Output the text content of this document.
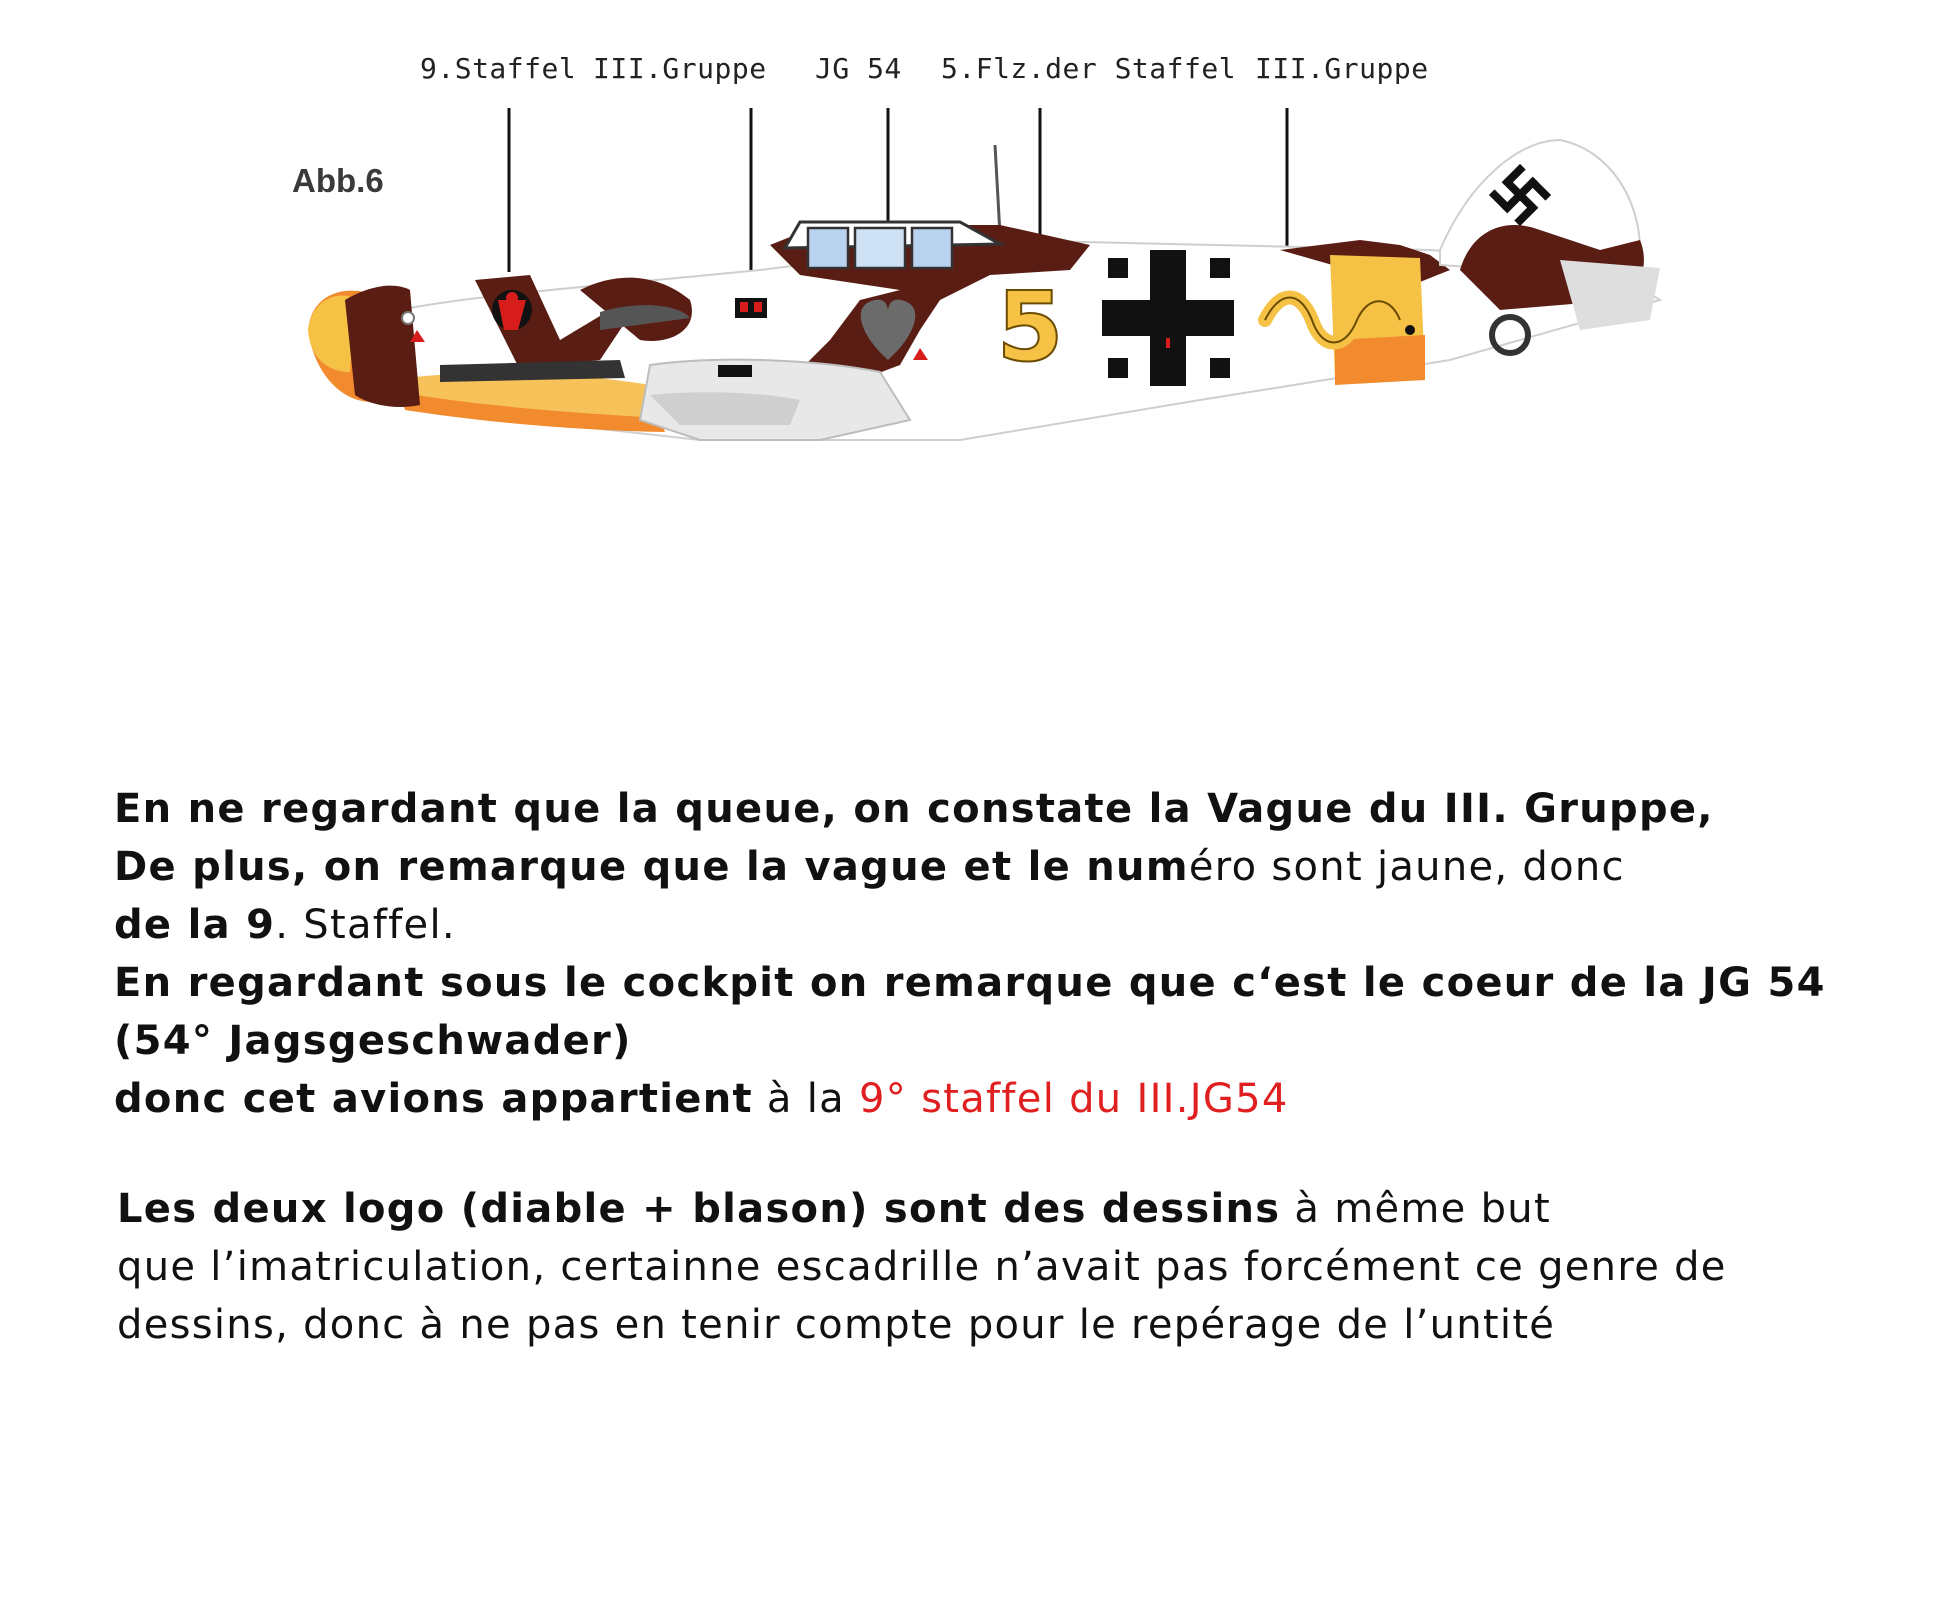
9.Staffel III.Gruppe JG 54 5.Flz.der Staffel III.Gruppe
Abb.6
5
En ne regardant que la queue, on constate la Vague du III. Gruppe,
De plus, on remarque que la vague et le numéro sont jaune, donc
de la 9. Staffel.
En regardant sous le cockpit on remarque que c‘est le coeur de la JG 54
(54° Jagsgeschwader)
donc cet avions appartient à la 9° staffel du III.JG54
Les deux logo (diable + blason) sont des dessins à même but
que l’imatriculation, certainne escadrille n’avait pas forcément ce genre de
dessins, donc à ne pas en tenir compte pour le repérage de l’untité
